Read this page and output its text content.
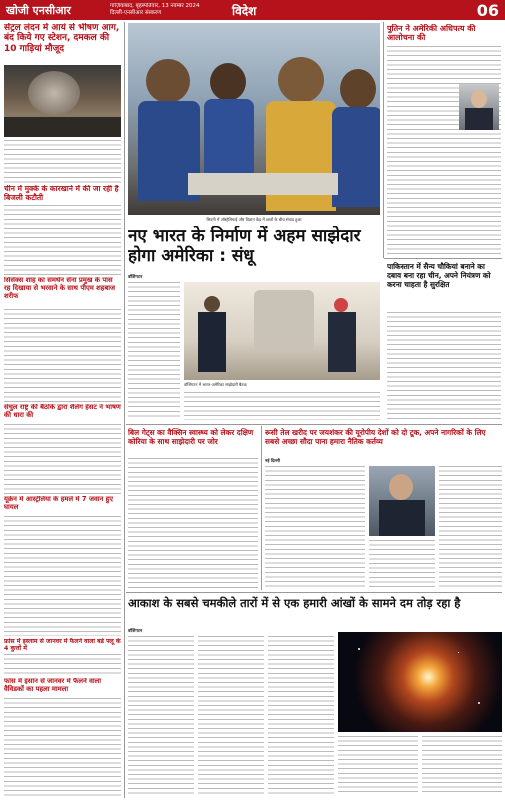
खोजी एनसीआर	गाज़ियाबाद, बृहस्पतिवार, 13 नवम्बर 2024
दिल्ली-एनसीआर संस्करण	विदेश	06
सेंट्रल लंदन में आयं से भीषण आग, बंद किये गए स्टेशन, दमकल की 10 गाड़ियां मौजूद
चीन में मुक्के के कारखाने में की जा रही है बिजली कटौती
सिसेक्स शाह का समर्थन सेना प्रमुख के पास रह दिखाया से भरवाने के साथ पीएम शहबाज शरीफ
सेंचुल राष्ट्र की बैठकि द्वारा शैलेंग हेसट ने भाषण की धारा की
यूक्रेन में आस्ट्रेलिया के हमले में 7 जवान हुए घायल
फ्रांस में इस्लाम से जानवर में फैलने वाला बर्ड फ्लू के 4 कुत्तों में
फांस में इंसान से जानवर में फैलने वाला वैविडकों का पहला मामला
सिडनी में ऑस्ट्रेलियाई और विज्ञान केंद्र में छात्रों के बीच संवाद हुआ
नए भारत के निर्माण में अहम साझेदार होगा अमेरिका : संधू
वॉशिंगटन
वॉशिंगटन में भारत-अमेरिका साझेदारी बैठक
पुतिन ने अमेरिकी अधिपत्य की आलोचना की
पाकिस्तान में सैन्य चौकियां बनाने का दबाव बना रहा चीन, अपने नियंत्रण को करना चाहता है सुरक्षित
बिल गेट्स का वैक्सिन स्वास्थ्य को लेकर दक्षिण कोरिया के साथ साझेदारी पर जोर
रूसी तेल खरीद पर जयशंकर की यूरोपीय देशों को दो टूक, अपने नागरिकों के लिए सबसे अच्छा सौदा पाना हमारा नैतिक कर्तव्य
नई दिल्ली
आकाश के सबसे चमकीले तारों में से एक हमारी आंखों के सामने दम तोड़ रहा है
वॉशिंगटन
